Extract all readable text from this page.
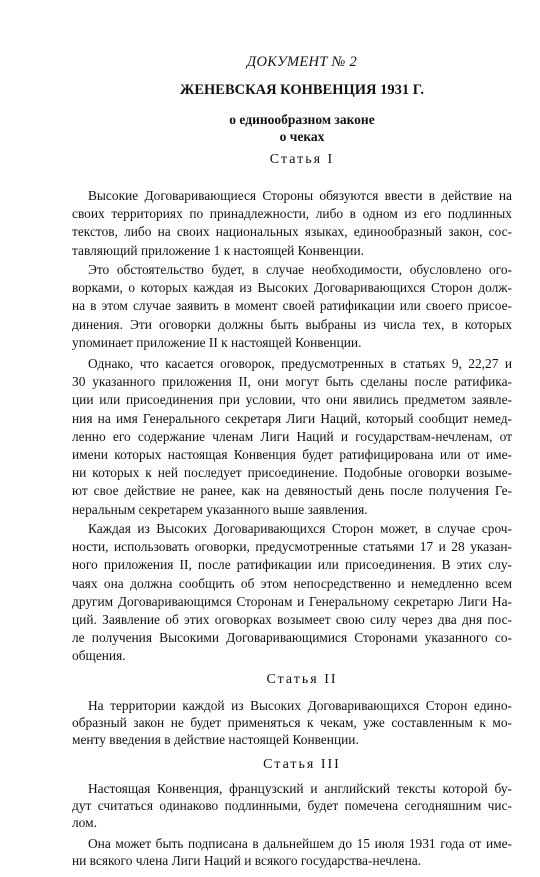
ДОКУМЕНТ № 2
ЖЕНЕВСКАЯ КОНВЕНЦИЯ 1931 Г.
о единообразном законе
о чеках
Статья I
Высокие Договаривающиеся Стороны обязуются ввести в действие на
своих территориях по принадлежности, либо в одном из его подлинных
текстов, либо на своих национальных языках, единообразный закон, сос-
тавляющий приложение 1 к настоящей Конвенции.
Это обстоятельство будет, в случае необходимости, обусловлено ого-
ворками, о которых каждая из Высоких Договаривающихся Сторон долж-
на в этом случае заявить в момент своей ратификации или своего присое-
динения. Эти оговорки должны быть выбраны из числа тех, в которых
упоминает приложение II к настоящей Конвенции.
Однако, что касается оговорок, предусмотренных в статьях 9, 22,27 и
30 указанного приложения II, они могут быть сделаны после ратифика-
ции или присоединения при условии, что они явились предметом заявле-
ния на имя Генерального секретаря Лиги Наций, который сообщит немед-
ленно его содержание членам Лиги Наций и государствам-нечленам, от
имени которых настоящая Конвенция будет ратифицирована или от име-
ни которых к ней последует присоединение. Подобные оговорки возыме-
ют свое действие не ранее, как на девяностый день после получения Ге-
неральным секретарем указанного выше заявления.
Каждая из Высоких Договаривающихся Сторон может, в случае сроч-
ности, использовать оговорки, предусмотренные статьями 17 и 28 указан-
ного приложения II, после ратификации или присоединения. В этих слу-
чаях она должна сообщить об этом непосредственно и немедленно всем
другим Договаривающимся Сторонам и Генеральному секретарю Лиги На-
ций. Заявление об этих оговорках возымеет свою силу через два дня пос-
ле получения Высокими Договаривающимися Сторонами указанного со-
общения.
Статья II
На территории каждой из Высоких Договаривающихся Сторон едино-
образный закон не будет применяться к чекам, уже составленным к мо-
менту введения в действие настоящей Конвенции.
Статья III
Настоящая Конвенция, французский и английский тексты которой бу-
дут считаться одинаково подлинными, будет помечена сегодняшним чис-
лом.
Она может быть подписана в дальнейшем до 15 июля 1931 года от име-
ни всякого члена Лиги Наций и всякого государства-нечлена.
